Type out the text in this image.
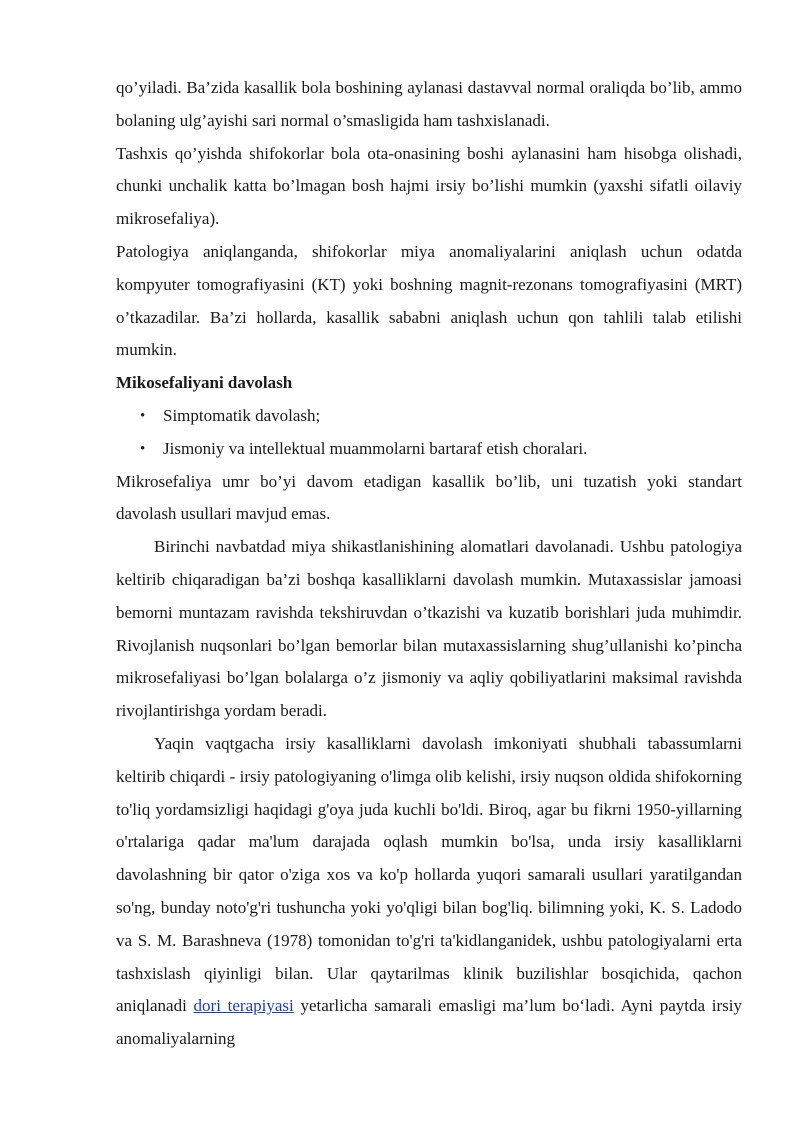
qo’yiladi. Ba’zida kasallik bola boshining aylanasi dastavval normal oraliqda bo’lib, ammo bolaning ulg’ayishi sari normal o’smasligida ham tashxislanadi.

Tashxis qo’yishda shifokorlar bola ota-onasining boshi aylanasini ham hisobga olishadi, chunki unchalik katta bo’lmagan bosh hajmi irsiy bo’lishi mumkin (yaxshi sifatli oilaviy mikrosefaliya).

Patologiya aniqlanganda, shifokorlar miya anomaliyalarini aniqlash uchun odatda kompyuter tomografiyasini (KT) yoki boshning magnit-rezonans tomografiyasini (MRT) o’tkazadilar. Ba’zi hollarda, kasallik sababni aniqlash uchun qon tahlili talab etilishi mumkin.

Mikosefaliyani davolash
• Simptomatik davolash;
• Jismoniy va intellektual muammolarni bartaraf etish choralari.

Mikrosefaliya umr bo’yi davom etadigan kasallik bo’lib, uni tuzatish yoki standart davolash usullari mavjud emas.

Birinchi navbatdad miya shikastlanishining alomatlari davolanadi. Ushbu patologiya keltirib chiqaradigan ba’zi boshqa kasalliklarni davolash mumkin. Mutaxassislar jamoasi bemorni muntazam ravishda tekshiruvdan o’tkazishi va kuzatib borishlari juda muhimdir. Rivojlanish nuqsonlari bo’lgan bemorlar bilan mutaxassislarning shug’ullanishi ko’pincha mikrosefaliyasi bo’lgan bolalarga o’z jismoniy va aqliy qobiliyatlarini maksimal ravishda rivojlantirishga yordam beradi.

Yaqin vaqtgacha irsiy kasalliklarni davolash imkoniyati shubhali tabassumlarni keltirib chiqardi - irsiy patologiyaning o'limga olib kelishi, irsiy nuqson oldida shifokorning to'liq yordamsizligi haqidagi g'oya juda kuchli bo'ldi. Biroq, agar bu fikrni 1950-yillarning o'rtalariga qadar ma'lum darajada oqlash mumkin bo'lsa, unda irsiy kasalliklarni davolashning bir qator o'ziga xos va ko'p hollarda yuqori samarali usullari yaratilgandan so'ng, bunday noto'g'ri tushuncha yoki yo'qligi bilan bog'liq. bilimning yoki, K. S. Ladodo va S. M. Barashneva (1978) tomonidan to'g'ri ta'kidlanganidek, ushbu patologiyalarni erta tashxislash qiyinligi bilan. Ular qaytarilmas klinik buzilishlar bosqichida, qachon aniqlanadi dori terapiyasi yetarlicha samarali emasligi ma’lum bo‘ladi. Ayni paytda irsiy anomaliyalarning
